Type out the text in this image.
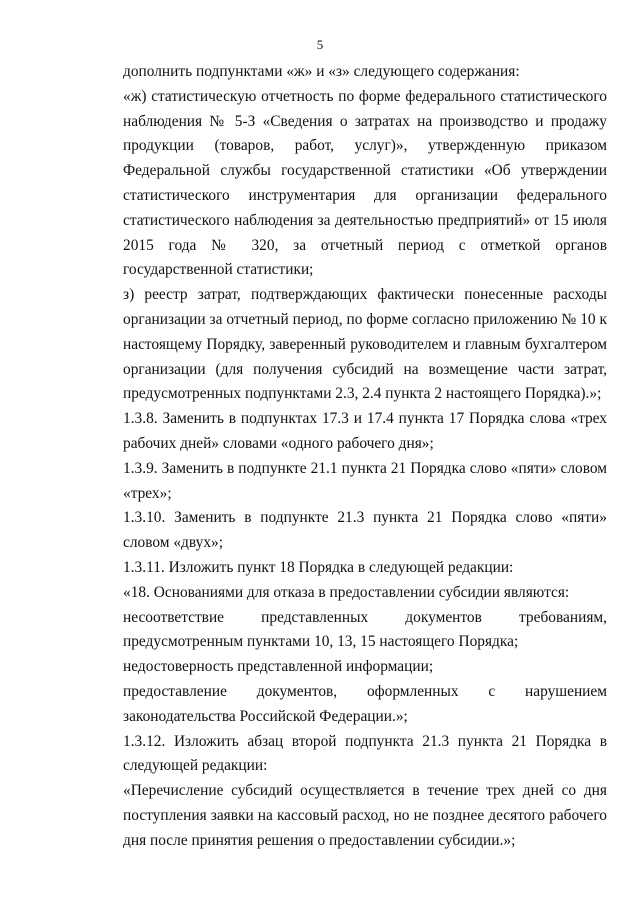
5

дополнить подпунктами «ж» и «з» следующего содержания:

«ж) статистическую отчетность по форме федерального статистического наблюдения № 5-З «Сведения о затратах на производство и продажу продукции (товаров, работ, услуг)», утвержденную приказом Федеральной службы государственной статистики «Об утверждении статистического инструментария для организации федерального статистического наблюдения за деятельностью предприятий» от 15 июля 2015 года № 320, за отчетный период с отметкой органов государственной статистики;

з) реестр затрат, подтверждающих фактически понесенные расходы организации за отчетный период, по форме согласно приложению № 10 к настоящему Порядку, заверенный руководителем и главным бухгалтером организации (для получения субсидий на возмещение части затрат, предусмотренных подпунктами 2.3, 2.4 пункта 2 настоящего Порядка).»;

1.3.8. Заменить в подпунктах 17.3 и 17.4 пункта 17 Порядка слова «трех рабочих дней» словами «одного рабочего дня»;

1.3.9. Заменить в подпункте 21.1 пункта 21 Порядка слово «пяти» словом «трех»;

1.3.10. Заменить в подпункте 21.3 пункта 21 Порядка слово «пяти» словом «двух»;

1.3.11. Изложить пункт 18 Порядка в следующей редакции:

«18. Основаниями для отказа в предоставлении субсидии являются:

несоответствие представленных документов требованиям, предусмотренным пунктами 10, 13, 15 настоящего Порядка;

недостоверность представленной информации;

предоставление документов, оформленных с нарушением законодательства Российской Федерации.»;

1.3.12. Изложить абзац второй подпункта 21.3 пункта 21 Порядка в следующей редакции:

«Перечисление субсидий осуществляется в течение трех дней со дня поступления заявки на кассовый расход, но не позднее десятого рабочего дня после принятия решения о предоставлении субсидии.»;
